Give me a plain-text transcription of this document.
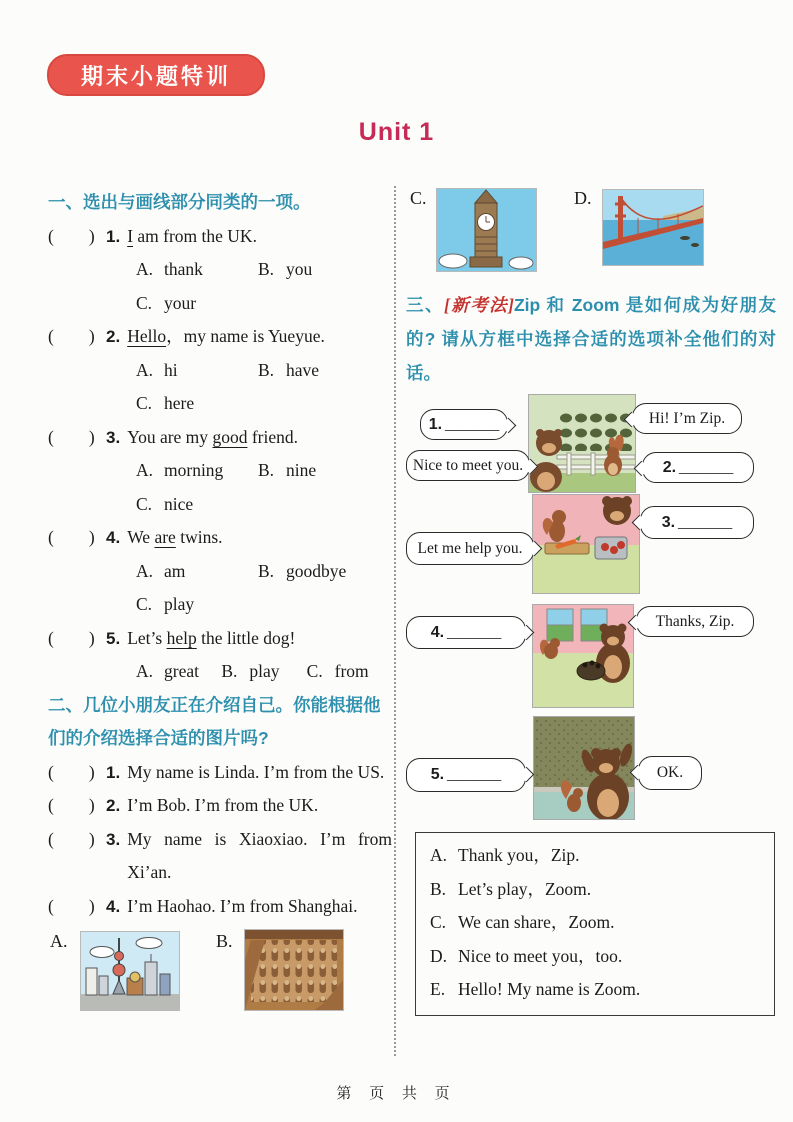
期末小题特训
Unit 1
一、选出与画线部分同类的一项。
(　　) 1. I am from the UK.
A. thank	B. you
C. your
(　　) 2. Hello，my name is Yueyue.
A. hi	B. have
C. here
(　　) 3. You are my good friend.
A. morning	B. nine
C. nice
(　　) 4. We are twins.
A. am	B. goodbye
C. play
(　　) 5. Let’s help the little dog!
A. great	B. play	C. from
二、几位小朋友正在介绍自己。你能根据他们的介绍选择合适的图片吗?
(　　) 1. My name is Linda. I’m from the US.
(　　) 2. I’m Bob. I’m from the UK.
(　　) 3. My name is Xiaoxiao. I’m from Xi’an.
(　　) 4. I’m Haohao. I’m from Shanghai.
A.	B.
C.	D.
三、[新考法]Zip 和 Zoom 是如何成为好朋友的? 请从方框中选择合适的选项补全他们的对话。
1. _______
Nice to meet you.
Hi! I’m Zip.
2. _______
Let me help you.
3. _______
4. _______
Thanks, Zip.
5. _______	OK.
A. Thank you，Zip.
B. Let’s play，Zoom.
C. We can share，Zoom.
D. Nice to meet you，too.
E. Hello! My name is Zoom.
第 页 共 页
